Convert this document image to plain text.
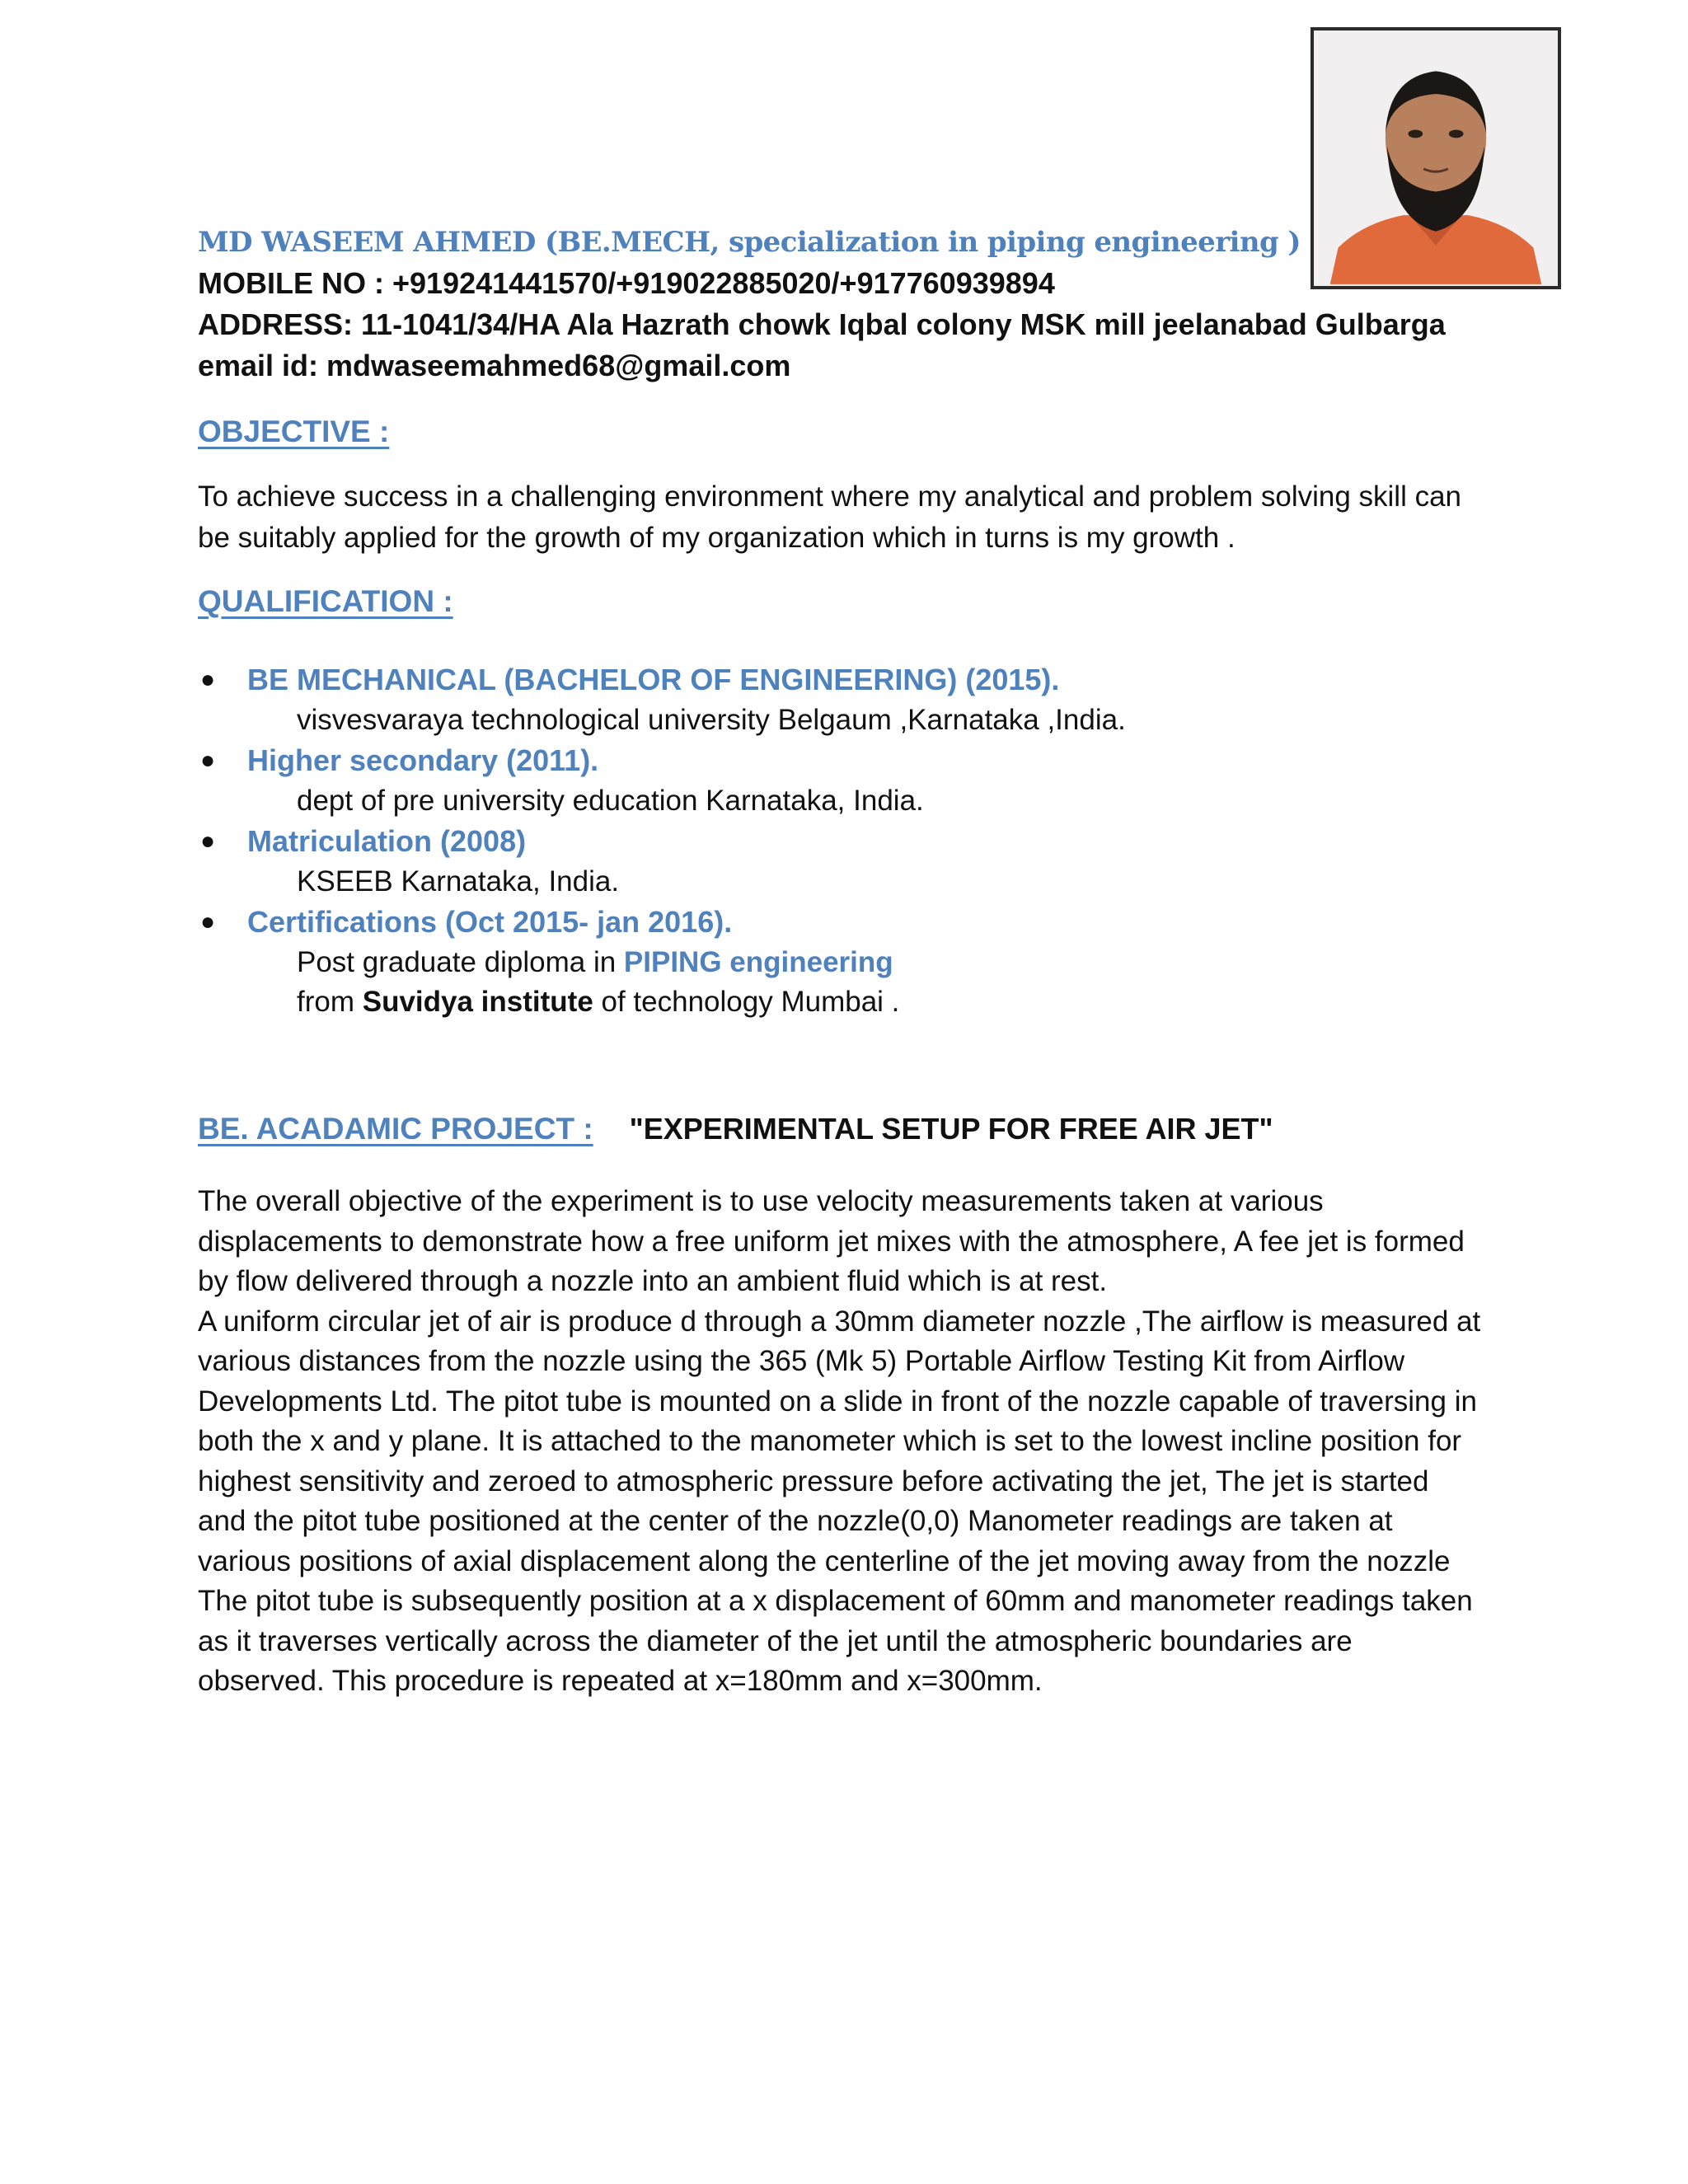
MD WASEEM AHMED (BE.MECH, specialization in piping engineering )
MOBILE NO : +919241441570/+919022885020/+917760939894
ADDRESS: 11-1041/34/HA Ala Hazrath chowk Iqbal colony MSK mill jeelanabad Gulbarga
email id: mdwaseemahmed68@gmail.com
OBJECTIVE :
To achieve success in a challenging environment where my analytical and problem solving skill can be suitably applied for the growth of my organization which in turns is my growth .
QUALIFICATION :
● BE MECHANICAL (BACHELOR OF ENGINEERING) (2015).
visvesvaraya technological university Belgaum ,Karnataka ,India.
● Higher secondary (2011).
dept of pre university education Karnataka, India.
● Matriculation (2008)
KSEEB Karnataka, India.
● Certifications (Oct 2015- jan 2016).
Post graduate diploma in PIPING engineering
from Suvidya institute of technology Mumbai .
BE. ACADAMIC PROJECT : "EXPERIMENTAL SETUP FOR FREE AIR JET"
The overall objective of the experiment is to use velocity measurements taken at various displacements to demonstrate how a free uniform jet mixes with the atmosphere, A fee jet is formed by flow delivered through a nozzle into an ambient fluid which is at rest.
A uniform circular jet of air is produce d through a 30mm diameter nozzle ,The airflow is measured at various distances from the nozzle using the 365 (Mk 5) Portable Airflow Testing Kit from Airflow Developments Ltd. The pitot tube is mounted on a slide in front of the nozzle capable of traversing in both the x and y plane. It is attached to the manometer which is set to the lowest incline position for highest sensitivity and zeroed to atmospheric pressure before activating the jet, The jet is started and the pitot tube positioned at the center of the nozzle(0,0) Manometer readings are taken at various positions of axial displacement along the centerline of the jet moving away from the nozzle The pitot tube is subsequently position at a x displacement of 60mm and manometer readings taken as it traverses vertically across the diameter of the jet until the atmospheric boundaries are observed. This procedure is repeated at x=180mm and x=300mm.
